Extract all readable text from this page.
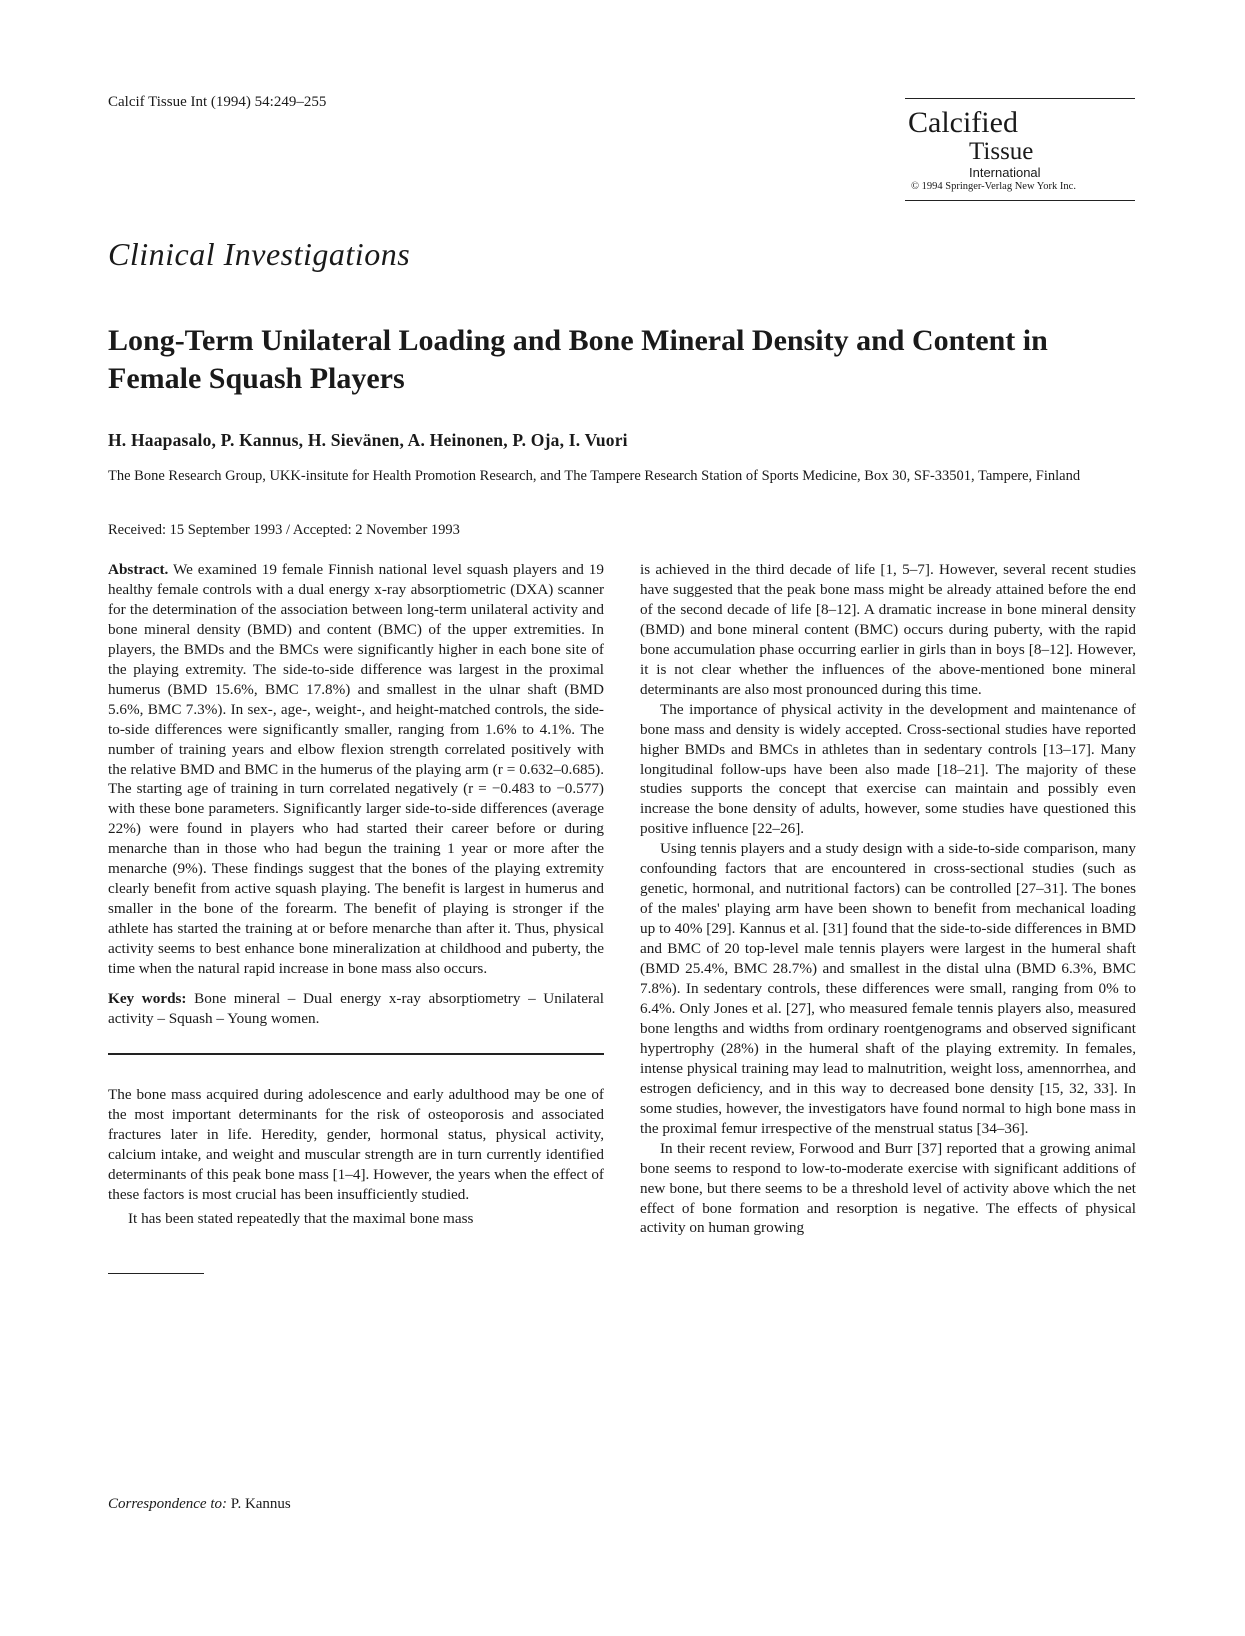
Calcif Tissue Int (1994) 54:249–255
Calcified
Tissue
International
© 1994 Springer-Verlag New York Inc.
Clinical Investigations
Long-Term Unilateral Loading and Bone Mineral Density and Content in Female Squash Players
H. Haapasalo, P. Kannus, H. Sievänen, A. Heinonen, P. Oja, I. Vuori
The Bone Research Group, UKK-insitute for Health Promotion Research, and The Tampere Research Station of Sports Medicine, Box 30, SF-33501, Tampere, Finland
Received: 15 September 1993 / Accepted: 2 November 1993

Abstract. We examined 19 female Finnish national level squash players and 19 healthy female controls with a dual energy x-ray absorptiometric (DXA) scanner for the determination of the association between long-term unilateral activity and bone mineral density (BMD) and content (BMC) of the upper extremities. In players, the BMDs and the BMCs were significantly higher in each bone site of the playing extremity. The side-to-side difference was largest in the proximal humerus (BMD 15.6%, BMC 17.8%) and smallest in the ulnar shaft (BMD 5.6%, BMC 7.3%). In sex-, age-, weight-, and height-matched controls, the side-to-side differences were significantly smaller, ranging from 1.6% to 4.1%. The number of training years and elbow flexion strength correlated positively with the relative BMD and BMC in the humerus of the playing arm (r = 0.632–0.685). The starting age of training in turn correlated negatively (r = −0.483 to −0.577) with these bone parameters. Significantly larger side-to-side differences (average 22%) were found in players who had started their career before or during menarche than in those who had begun the training 1 year or more after the menarche (9%). These findings suggest that the bones of the playing extremity clearly benefit from active squash playing. The benefit is largest in humerus and smaller in the bone of the forearm. The benefit of playing is stronger if the athlete has started the training at or before menarche than after it. Thus, physical activity seems to best enhance bone mineralization at childhood and puberty, the time when the natural rapid increase in bone mass also occurs.

Key words: Bone mineral – Dual energy x-ray absorptiometry – Unilateral activity – Squash – Young women.

The bone mass acquired during adolescence and early adulthood may be one of the most important determinants for the risk of osteoporosis and associated fractures later in life. Heredity, gender, hormonal status, physical activity, calcium intake, and weight and muscular strength are in turn currently identified determinants of this peak bone mass [1–4]. However, the years when the effect of these factors is most crucial has been insufficiently studied.

It has been stated repeatedly that the maximal bone mass

Correspondence to: P. Kannus

is achieved in the third decade of life [1, 5–7]. However, several recent studies have suggested that the peak bone mass might be already attained before the end of the second decade of life [8–12]. A dramatic increase in bone mineral density (BMD) and bone mineral content (BMC) occurs during puberty, with the rapid bone accumulation phase occurring earlier in girls than in boys [8–12]. However, it is not clear whether the influences of the above-mentioned bone mineral determinants are also most pronounced during this time.

The importance of physical activity in the development and maintenance of bone mass and density is widely accepted. Cross-sectional studies have reported higher BMDs and BMCs in athletes than in sedentary controls [13–17]. Many longitudinal follow-ups have been also made [18–21]. The majority of these studies supports the concept that exercise can maintain and possibly even increase the bone density of adults, however, some studies have questioned this positive influence [22–26].

Using tennis players and a study design with a side-to-side comparison, many confounding factors that are encountered in cross-sectional studies (such as genetic, hormonal, and nutritional factors) can be controlled [27–31]. The bones of the males' playing arm have been shown to benefit from mechanical loading up to 40% [29]. Kannus et al. [31] found that the side-to-side differences in BMD and BMC of 20 top-level male tennis players were largest in the humeral shaft (BMD 25.4%, BMC 28.7%) and smallest in the distal ulna (BMD 6.3%, BMC 7.8%). In sedentary controls, these differences were small, ranging from 0% to 6.4%. Only Jones et al. [27], who measured female tennis players also, measured bone lengths and widths from ordinary roentgenograms and observed significant hypertrophy (28%) in the humeral shaft of the playing extremity. In females, intense physical training may lead to malnutrition, weight loss, amennorrhea, and estrogen deficiency, and in this way to decreased bone density [15, 32, 33]. In some studies, however, the investigators have found normal to high bone mass in the proximal femur irrespective of the menstrual status [34–36].

In their recent review, Forwood and Burr [37] reported that a growing animal bone seems to respond to low-to-moderate exercise with significant additions of new bone, but there seems to be a threshold level of activity above which the net effect of bone formation and resorption is negative. The effects of physical activity on human growing
